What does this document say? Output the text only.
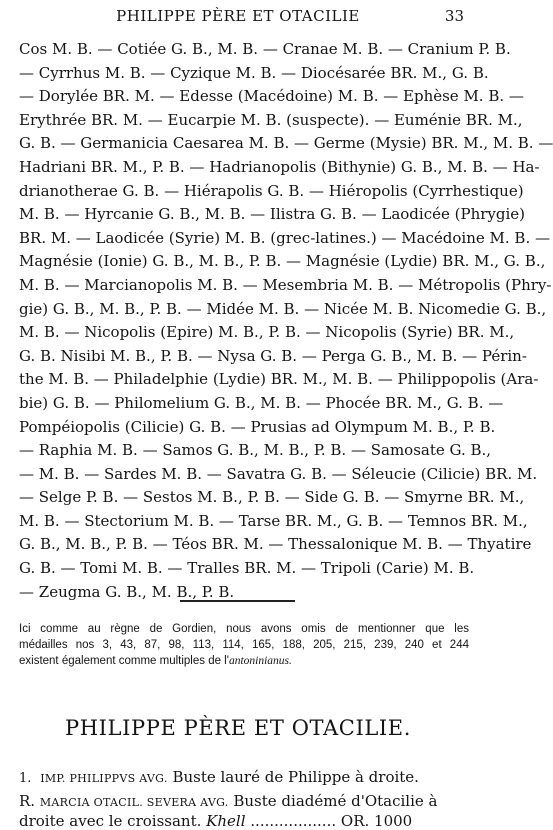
PHILIPPE PÈRE ET OTACILIE	33
Cos M. B. — Cotiée G. B., M. B. — Cranae M. B. — Cranium P. B.
— Cyrrhus M. B. — Cyzique M. B. — Diocésarée BR. M., G. B.
— Dorylée BR. M. — Edesse (Macédoine) M. B. — Ephèse M. B. —
Erythrée BR. M. — Eucarpie M. B. (suspecte). — Euménie BR. M.,
G. B. — Germanicia Caesarea M. B. — Germe (Mysie) BR. M., M. B. —
Hadriani BR. M., P. B. — Hadrianopolis (Bithynie) G. B., M. B. — Ha-
drianotherae G. B. — Hiérapolis G. B. — Hiéropolis (Cyrrhestique)
M. B. — Hyrcanie G. B., M. B. — Ilistra G. B. — Laodicée (Phrygie)
BR. M. — Laodicée (Syrie) M. B. (grec-latines.) — Macédoine M. B. —
Magnésie (Ionie) G. B., M. B., P. B. — Magnésie (Lydie) BR. M., G. B.,
M. B. — Marcianopolis M. B. — Mesembria M. B. — Métropolis (Phry-
gie) G. B., M. B., P. B. — Midée M. B. — Nicée M. B. Nicomedie G. B.,
M. B. — Nicopolis (Epire) M. B., P. B. — Nicopolis (Syrie) BR. M.,
G. B. Nisibi M. B., P. B. — Nysa G. B. — Perga G. B., M. B. — Périn-
the M. B. — Philadelphie (Lydie) BR. M., M. B. — Philippopolis (Ara-
bie) G. B. — Philomelium G. B., M. B. — Phocée BR. M., G. B. —
Pompéiopolis (Cilicie) G. B. — Prusias ad Olympum M. B., P. B.
— Raphia M. B. — Samos G. B., M. B., P. B. — Samosate G. B.,
— M. B. — Sardes M. B. — Savatra G. B. — Séleucie (Cilicie) BR. M.
— Selge P. B. — Sestos M. B., P. B. — Side G. B. — Smyrne BR. M.,
M. B. — Stectorium M. B. — Tarse BR. M., G. B. — Temnos BR. M.,
G. B., M. B., P. B. — Téos BR. M. — Thessalonique M. B. — Thyatire
G. B. — Tomi M. B. — Tralles BR. M. — Tripoli (Carie) M. B.
— Zeugma G. B., M. B., P. B.
Ici comme au règne de Gordien, nous avons omis de mentionner que les
médailles nos 3, 43, 87, 98, 113, 114, 165, 188, 205, 215, 239, 240 et 244
existent également comme multiples de l'antoninianus.
PHILIPPE PÈRE ET OTACILIE.
1. IMP. PHILIPPVS AVG. Buste lauré de Philippe à droite.
R. MARCIA OTACIL. SEVERA AVG. Buste diadémé d'Otacilie à
droite avec le croissant. Khell .................. OR. 1000
